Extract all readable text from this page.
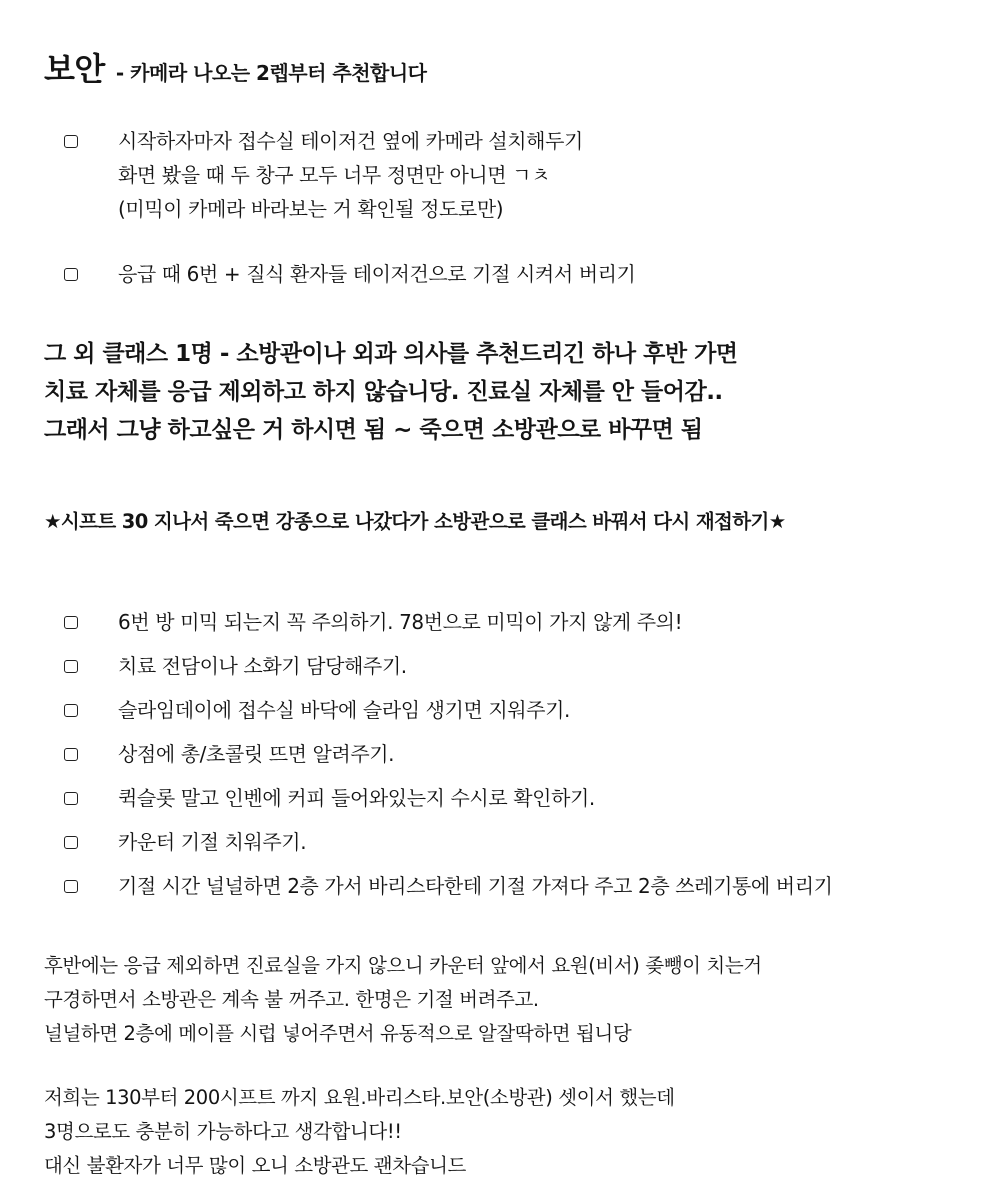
보안 - 카메라 나오는 2렙부터 추천합니다
시작하자마자 접수실 테이저건 옆에 카메라 설치해두기
화면 봤을 때 두 창구 모두 너무 정면만 아니면 ㄱㅊ
(미믹이 카메라 바라보는 거 확인될 정도로만)
응급 때 6번 + 질식 환자들 테이저건으로 기절 시켜서 버리기
그 외 클래스 1명 - 소방관이나 외과 의사를 추천드리긴 하나 후반 가면
치료 자체를 응급 제외하고 하지 않습니당. 진료실 자체를 안 들어감..
그래서 그냥 하고싶은 거 하시면 됨 ~ 죽으면 소방관으로 바꾸면 됨
★시프트 30 지나서 죽으면 강종으로 나갔다가 소방관으로 클래스 바꿔서 다시 재접하기★
6번 방 미믹 되는지 꼭 주의하기. 78번으로 미믹이 가지 않게 주의!
치료 전담이나 소화기 담당해주기.
슬라임데이에 접수실 바닥에 슬라임 생기면 지워주기.
상점에 총/초콜릿 뜨면 알려주기.
퀵슬롯 말고 인벤에 커피 들어와있는지 수시로 확인하기.
카운터 기절 치워주기.
기절 시간 널널하면 2층 가서 바리스타한테 기절 가져다 주고 2층 쓰레기통에 버리기
후반에는 응급 제외하면 진료실을 가지 않으니 카운터 앞에서 요원(비서) 좆뺑이 치는거
구경하면서 소방관은 계속 불 꺼주고. 한명은 기절 버려주고.
널널하면 2층에 메이플 시럽 넣어주면서 유동적으로 알잘딱하면 됩니당
저희는 130부터 200시프트 까지 요원.바리스타.보안(소방관) 셋이서 했는데
3명으로도 충분히 가능하다고 생각합니다!!
대신 불환자가 너무 많이 오니 소방관도 괜차습니드
